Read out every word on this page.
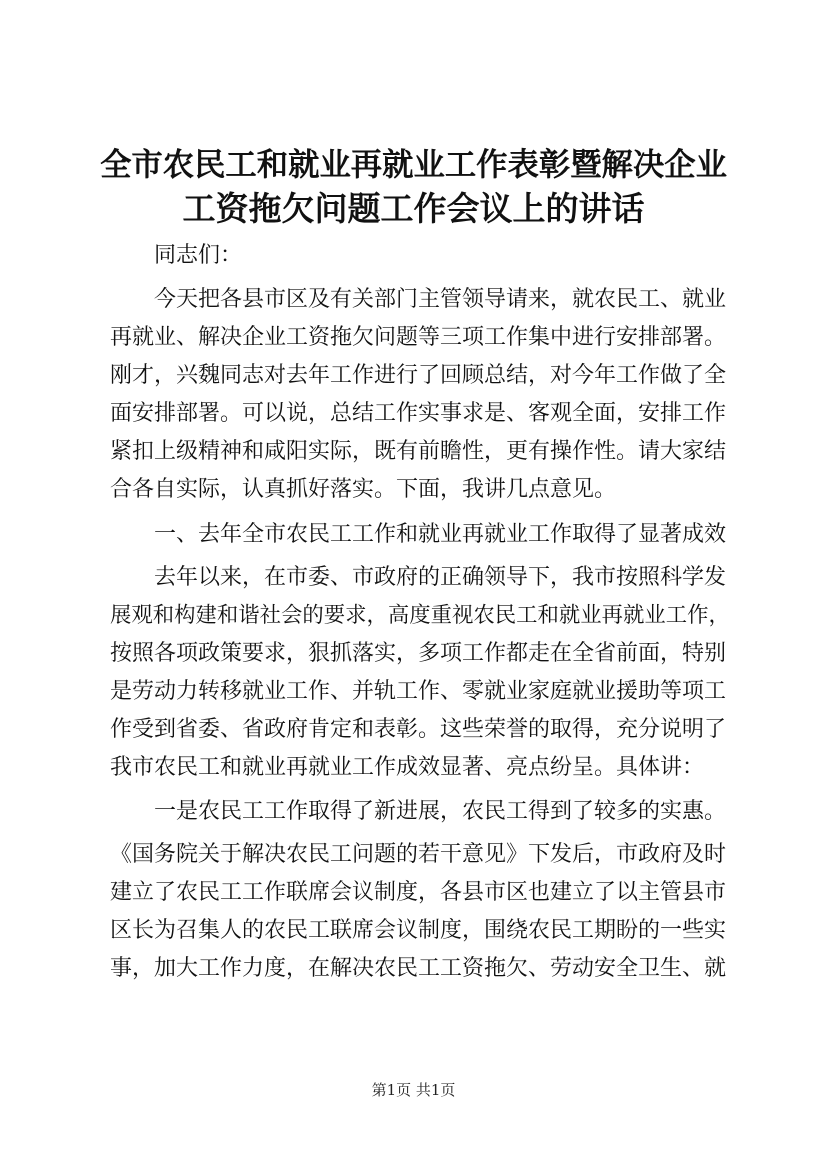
全市农民工和就业再就业工作表彰暨解决企业
工资拖欠问题工作会议上的讲话
　　同志们：
　　今天把各县市区及有关部门主管领导请来，就农民工、就业
再就业、解决企业工资拖欠问题等三项工作集中进行安排部署。
刚才，兴魏同志对去年工作进行了回顾总结，对今年工作做了全
面安排部署。可以说，总结工作实事求是、客观全面，安排工作
紧扣上级精神和咸阳实际，既有前瞻性，更有操作性。请大家结
合各自实际，认真抓好落实。下面，我讲几点意见。
　　一、去年全市农民工工作和就业再就业工作取得了显著成效
　　去年以来，在市委、市政府的正确领导下，我市按照科学发
展观和构建和谐社会的要求，高度重视农民工和就业再就业工作，
按照各项政策要求，狠抓落实，多项工作都走在全省前面，特别
是劳动力转移就业工作、并轨工作、零就业家庭就业援助等项工
作受到省委、省政府肯定和表彰。这些荣誉的取得，充分说明了
我市农民工和就业再就业工作成效显著、亮点纷呈。具体讲：
　　一是农民工工作取得了新进展，农民工得到了较多的实惠。
《国务院关于解决农民工问题的若干意见》下发后，市政府及时
建立了农民工工作联席会议制度，各县市区也建立了以主管县市
区长为召集人的农民工联席会议制度，围绕农民工期盼的一些实
事，加大工作力度，在解决农民工工资拖欠、劳动安全卫生、就
第1页 共1页
